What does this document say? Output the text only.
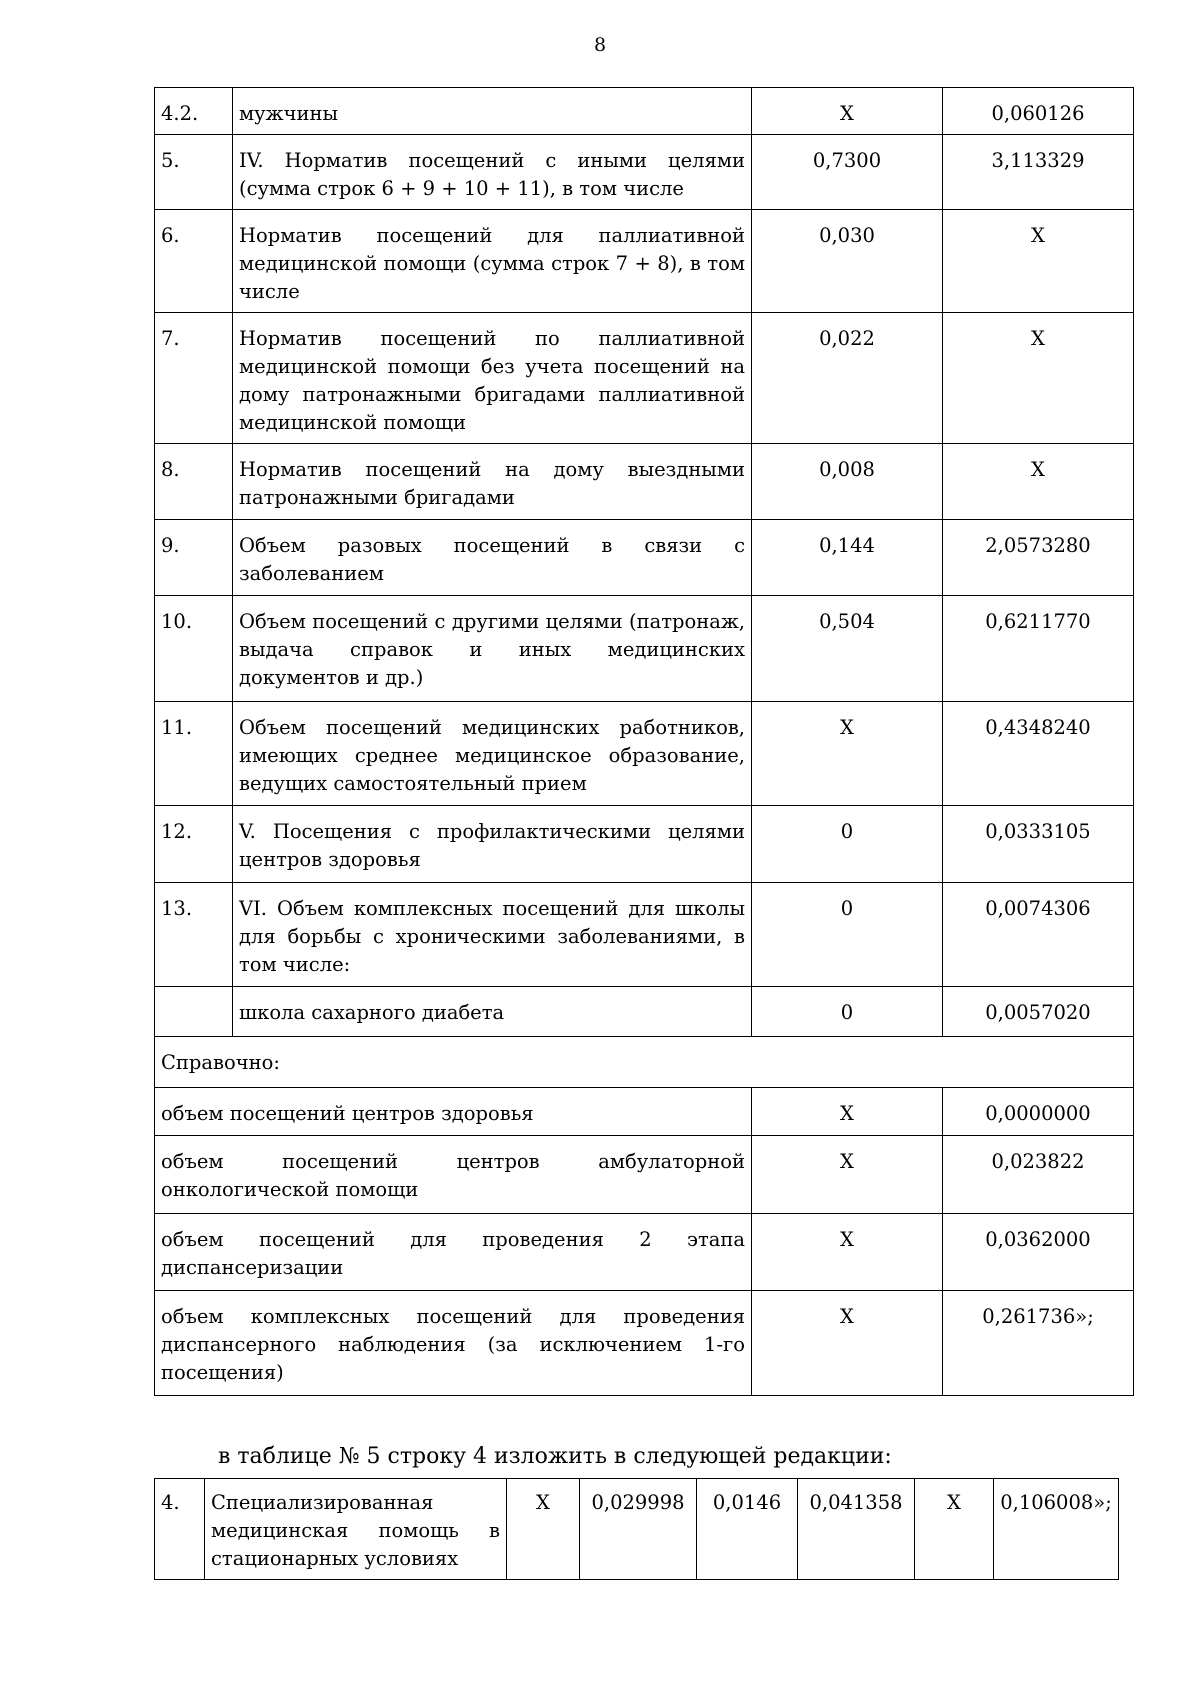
8
4.2.	мужчины	Х	0,060126
5.	IV. Норматив посещений с иными целями (сумма строк 6 + 9 + 10 + 11), в том числе	0,7300	3,113329
6.	Норматив посещений для паллиативной медицинской помощи (сумма строк 7 + 8), в том числе	0,030	Х
7.	Норматив посещений по паллиативной медицинской помощи без учета посещений на дому патронажными бригадами паллиативной медицинской помощи	0,022	Х
8.	Норматив посещений на дому выездными патронажными бригадами	0,008	Х
9.	Объем разовых посещений в связи с заболеванием	0,144	2,0573280
10.	Объем посещений с другими целями (патронаж, выдача справок и иных медицинских документов и др.)	0,504	0,6211770
11.	Объем посещений медицинских работников, имеющих среднее медицинское образование, ведущих самостоятельный прием	Х	0,4348240
12.	V. Посещения с профилактическими целями центров здоровья	0	0,0333105
13.	VI. Объем комплексных посещений для школы для борьбы с хроническими заболеваниями, в том числе:	0	0,0074306
	школа сахарного диабета	0	0,0057020
Справочно:			
объем посещений центров здоровья		Х	0,0000000
объем посещений центров амбулаторной онкологической помощи		Х	0,023822
объем посещений для проведения 2 этапа диспансеризации		Х	0,0362000
объем комплексных посещений для проведения диспансерного наблюдения (за исключением 1-го посещения)		Х	0,261736»;
в таблице № 5 строку 4 изложить в следующей редакции:
4.	Специализированная медицинская помощь в стационарных условиях	Х	0,029998	0,0146	0,041358	Х	0,106008»;
